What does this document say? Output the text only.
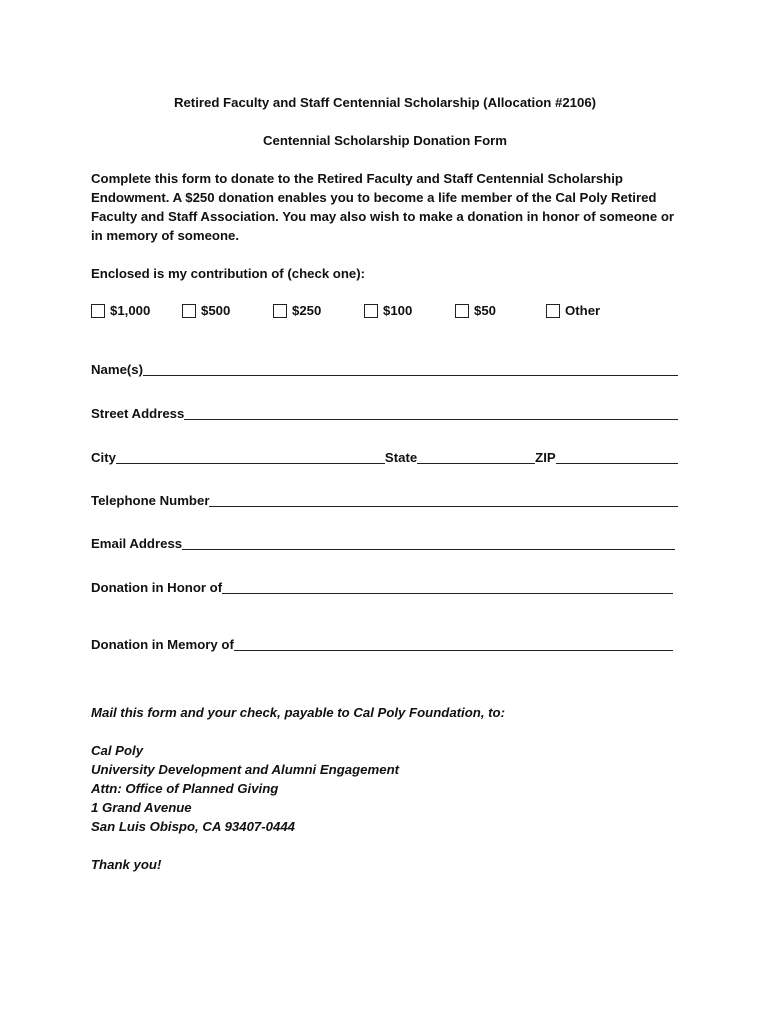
Retired Faculty and Staff Centennial Scholarship (Allocation #2106)
Centennial Scholarship Donation Form
Complete this form to donate to the Retired Faculty and Staff Centennial Scholarship
Endowment. A $250 donation enables you to become a life member of the Cal Poly Retired
Faculty and Staff Association. You may also wish to make a donation in honor of someone or
in memory of someone.
Enclosed is my contribution of (check one):
$1,000	$500	$250	$100	$50	Other
Name(s)
Street Address
City	State	ZIP
Telephone Number
Email Address
Donation in Honor of
Donation in Memory of
Mail this form and your check, payable to Cal Poly Foundation, to:
Cal Poly
University Development and Alumni Engagement
Attn: Office of Planned Giving
1 Grand Avenue
San Luis Obispo, CA 93407-0444
Thank you!
